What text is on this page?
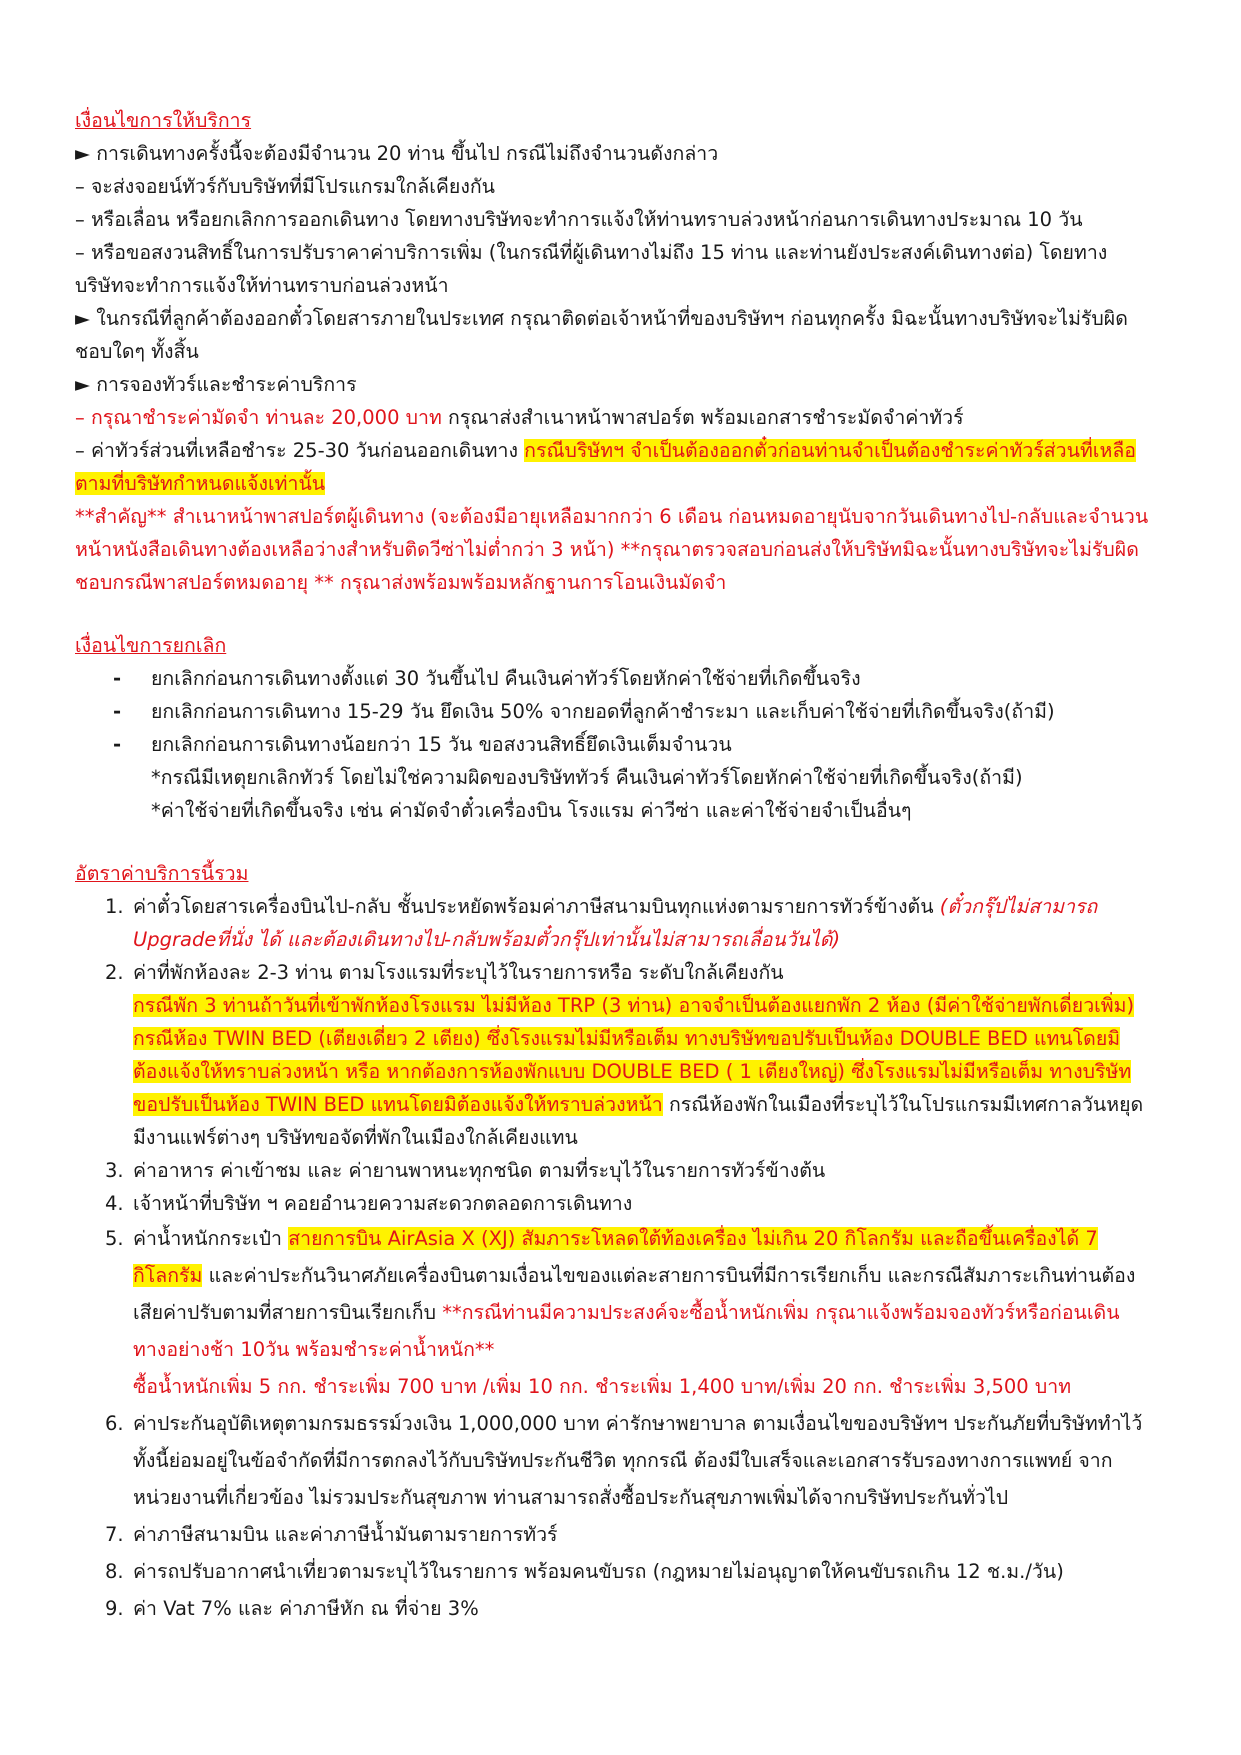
เงื่อนไขการให้บริการ

► การเดินทางครั้งนี้จะต้องมีจำนวน 20 ท่าน ขึ้นไป กรณีไม่ถึงจำนวนดังกล่าว

– จะส่งจอยน์ทัวร์กับบริษัทที่มีโปรแกรมใกล้เคียงกัน

– หรือเลื่อน หรือยกเลิกการออกเดินทาง โดยทางบริษัทจะทำการแจ้งให้ท่านทราบล่วงหน้าก่อนการเดินทางประมาณ 10 วัน

– หรือขอสงวนสิทธิ์ในการปรับราคาค่าบริการเพิ่ม (ในกรณีที่ผู้เดินทางไม่ถึง 15 ท่าน และท่านยังประสงค์เดินทางต่อ) โดยทางบริษัทจะทำการแจ้งให้ท่านทราบก่อนล่วงหน้า

► ในกรณีที่ลูกค้าต้องออกตั๋วโดยสารภายในประเทศ กรุณาติดต่อเจ้าหน้าที่ของบริษัทฯ ก่อนทุกครั้ง มิฉะนั้นทางบริษัทจะไม่รับผิดชอบใดๆ ทั้งสิ้น

► การจองทัวร์และชำระค่าบริการ

– กรุณาชำระค่ามัดจำ ท่านละ 20,000 บาท กรุณาส่งสำเนาหน้าพาสปอร์ต พร้อมเอกสารชำระมัดจำค่าทัวร์

– ค่าทัวร์ส่วนที่เหลือชำระ 25-30 วันก่อนออกเดินทาง กรณีบริษัทฯ จำเป็นต้องออกตั๋วก่อนท่านจำเป็นต้องชำระค่าทัวร์ส่วนที่เหลือตามที่บริษัทกำหนดแจ้งเท่านั้น

**สำคัญ** สำเนาหน้าพาสปอร์ตผู้เดินทาง (จะต้องมีอายุเหลือมากกว่า 6 เดือน ก่อนหมดอายุนับจากวันเดินทางไป-กลับและจำนวนหน้าหนังสือเดินทางต้องเหลือว่างสำหรับติดวีซ่าไม่ต่ำกว่า 3 หน้า) **กรุณาตรวจสอบก่อนส่งให้บริษัทมิฉะนั้นทางบริษัทจะไม่รับผิดชอบกรณีพาสปอร์ตหมดอายุ ** กรุณาส่งพร้อมพร้อมหลักฐานการโอนเงินมัดจำ

เงื่อนไขการยกเลิก

- ยกเลิกก่อนการเดินทางตั้งแต่ 30 วันขึ้นไป คืนเงินค่าทัวร์โดยหักค่าใช้จ่ายที่เกิดขึ้นจริง
- ยกเลิกก่อนการเดินทาง 15-29 วัน ยึดเงิน 50% จากยอดที่ลูกค้าชำระมา และเก็บค่าใช้จ่ายที่เกิดขึ้นจริง(ถ้ามี)
- ยกเลิกก่อนการเดินทางน้อยกว่า 15 วัน ขอสงวนสิทธิ์ยึดเงินเต็มจำนวน

*กรณีมีเหตุยกเลิกทัวร์ โดยไม่ใช่ความผิดของบริษัททัวร์ คืนเงินค่าทัวร์โดยหักค่าใช้จ่ายที่เกิดขึ้นจริง(ถ้ามี)

*ค่าใช้จ่ายที่เกิดขึ้นจริง เช่น ค่ามัดจำตั๋วเครื่องบิน โรงแรม ค่าวีซ่า และค่าใช้จ่ายจำเป็นอื่นๆ

อัตราค่าบริการนี้รวม

1. ค่าตั๋วโดยสารเครื่องบินไป-กลับ ชั้นประหยัดพร้อมค่าภาษีสนามบินทุกแห่งตามรายการทัวร์ข้างต้น (ตั๋วกรุ๊ปไม่สามารถ Upgradeที่นั่ง ได้ และต้องเดินทางไป-กลับพร้อมตั๋วกรุ๊ปเท่านั้นไม่สามารถเลื่อนวันได้)
2. ค่าที่พักห้องละ 2-3 ท่าน ตามโรงแรมที่ระบุไว้ในรายการหรือ ระดับใกล้เคียงกัน
กรณีพัก 3 ท่านถ้าวันที่เข้าพักห้องโรงแรม ไม่มีห้อง TRP (3 ท่าน) อาจจำเป็นต้องแยกพัก 2 ห้อง (มีค่าใช้จ่ายพักเดี่ยวเพิ่ม) กรณีห้อง TWIN BED (เตียงเดี่ยว 2 เตียง) ซึ่งโรงแรมไม่มีหรือเต็ม ทางบริษัทขอปรับเป็นห้อง DOUBLE BED แทนโดยมิต้องแจ้งให้ทราบล่วงหน้า หรือ หากต้องการห้องพักแบบ DOUBLE BED ( 1 เตียงใหญ่) ซึ่งโรงแรมไม่มีหรือเต็ม ทางบริษัทขอปรับเป็นห้อง TWIN BED แทนโดยมิต้องแจ้งให้ทราบล่วงหน้า กรณีห้องพักในเมืองที่ระบุไว้ในโปรแกรมมีเทศกาลวันหยุด มีงานแฟร์ต่างๆ บริษัทขอจัดที่พักในเมืองใกล้เคียงแทน
3. ค่าอาหาร ค่าเข้าชม และ ค่ายานพาหนะทุกชนิด ตามที่ระบุไว้ในรายการทัวร์ข้างต้น
4. เจ้าหน้าที่บริษัท ฯ คอยอำนวยความสะดวกตลอดการเดินทาง
5. ค่าน้ำหนักกระเป๋า สายการบิน AirAsia X (XJ) สัมภาระโหลดใต้ท้องเครื่อง ไม่เกิน 20 กิโลกรัม และถือขึ้นเครื่องได้ 7 กิโลกรัม และค่าประกันวินาศภัยเครื่องบินตามเงื่อนไขของแต่ละสายการบินที่มีการเรียกเก็บ และกรณีสัมภาระเกินท่านต้องเสียค่าปรับตามที่สายการบินเรียกเก็บ **กรณีท่านมีความประสงค์จะซื้อน้ำหนักเพิ่ม กรุณาแจ้งพร้อมจองทัวร์หรือก่อนเดินทางอย่างช้า 10วัน พร้อมชำระค่าน้ำหนัก**
ซื้อน้ำหนักเพิ่ม 5 กก. ชำระเพิ่ม 700 บาท /เพิ่ม 10 กก. ชำระเพิ่ม 1,400 บาท/เพิ่ม 20 กก. ชำระเพิ่ม 3,500 บาท
6. ค่าประกันอุบัติเหตุตามกรมธรรม์วงเงิน 1,000,000 บาท ค่ารักษาพยาบาล ตามเงื่อนไขของบริษัทฯ ประกันภัยที่บริษัททำไว้ ทั้งนี้ย่อมอยู่ในข้อจำกัดที่มีการตกลงไว้กับบริษัทประกันชีวิต ทุกกรณี ต้องมีใบเสร็จและเอกสารรับรองทางการแพทย์ จากหน่วยงานที่เกี่ยวข้อง ไม่รวมประกันสุขภาพ ท่านสามารถสั่งซื้อประกันสุขภาพเพิ่มได้จากบริษัทประกันทั่วไป
7. ค่าภาษีสนามบิน และค่าภาษีน้ำมันตามรายการทัวร์
8. ค่ารถปรับอากาศนำเที่ยวตามระบุไว้ในรายการ พร้อมคนขับรถ (กฎหมายไม่อนุญาตให้คนขับรถเกิน 12 ช.ม./วัน)
9. ค่า Vat 7% และ ค่าภาษีหัก ณ ที่จ่าย 3%
